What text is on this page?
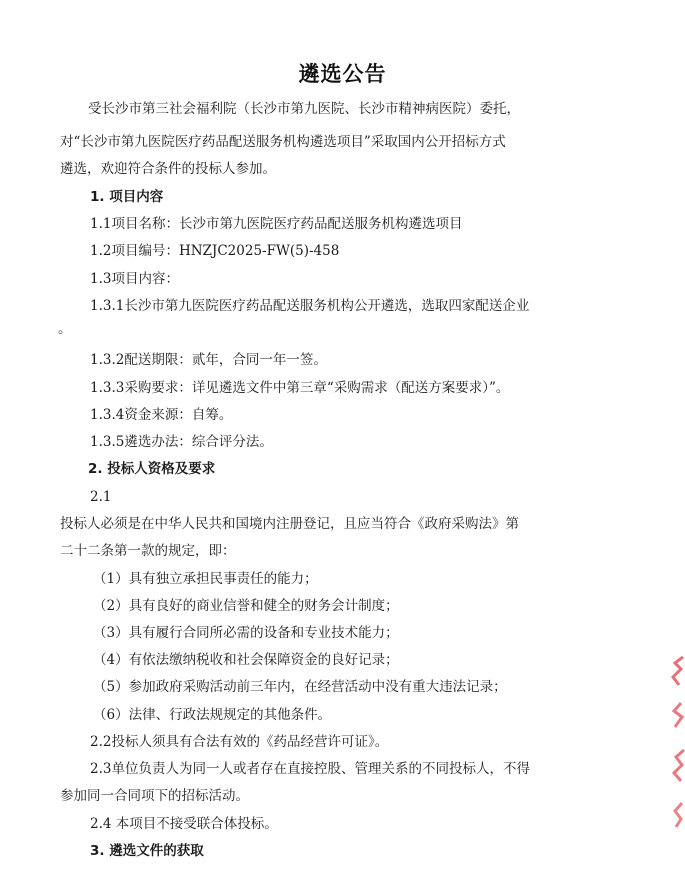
遴选公告
受长沙市第三社会福利院（长沙市第九医院、长沙市精神病医院）委托，
对“长沙市第九医院医疗药品配送服务机构遴选项目”采取国内公开招标方式
遴选，欢迎符合条件的投标人参加。
1. 项目内容
1.1项目名称：长沙市第九医院医疗药品配送服务机构遴选项目
1.2项目编号：HNZJC2025-FW(5)-458
1.3项目内容：
1.3.1长沙市第九医院医疗药品配送服务机构公开遴选，选取四家配送企业
。
1.3.2配送期限：贰年，合同一年一签。
1.3.3采购要求：详见遴选文件中第三章“采购需求（配送方案要求）”。
1.3.4资金来源：自筹。
1.3.5遴选办法：综合评分法。
2. 投标人资格及要求
2.1
投标人必须是在中华人民共和国境内注册登记，且应当符合《政府采购法》第
二十二条第一款的规定，即：
（1）具有独立承担民事责任的能力；
（2）具有良好的商业信誉和健全的财务会计制度；
（3）具有履行合同所必需的设备和专业技术能力；
（4）有依法缴纳税收和社会保障资金的良好记录；
（5）参加政府采购活动前三年内，在经营活动中没有重大违法记录；
（6）法律、行政法规规定的其他条件。
2.2投标人须具有合法有效的《药品经营许可证》。
2.3单位负责人为同一人或者存在直接控股、管理关系的不同投标人，不得
参加同一合同项下的招标活动。
2.4 本项目不接受联合体投标。
3. 遴选文件的获取
